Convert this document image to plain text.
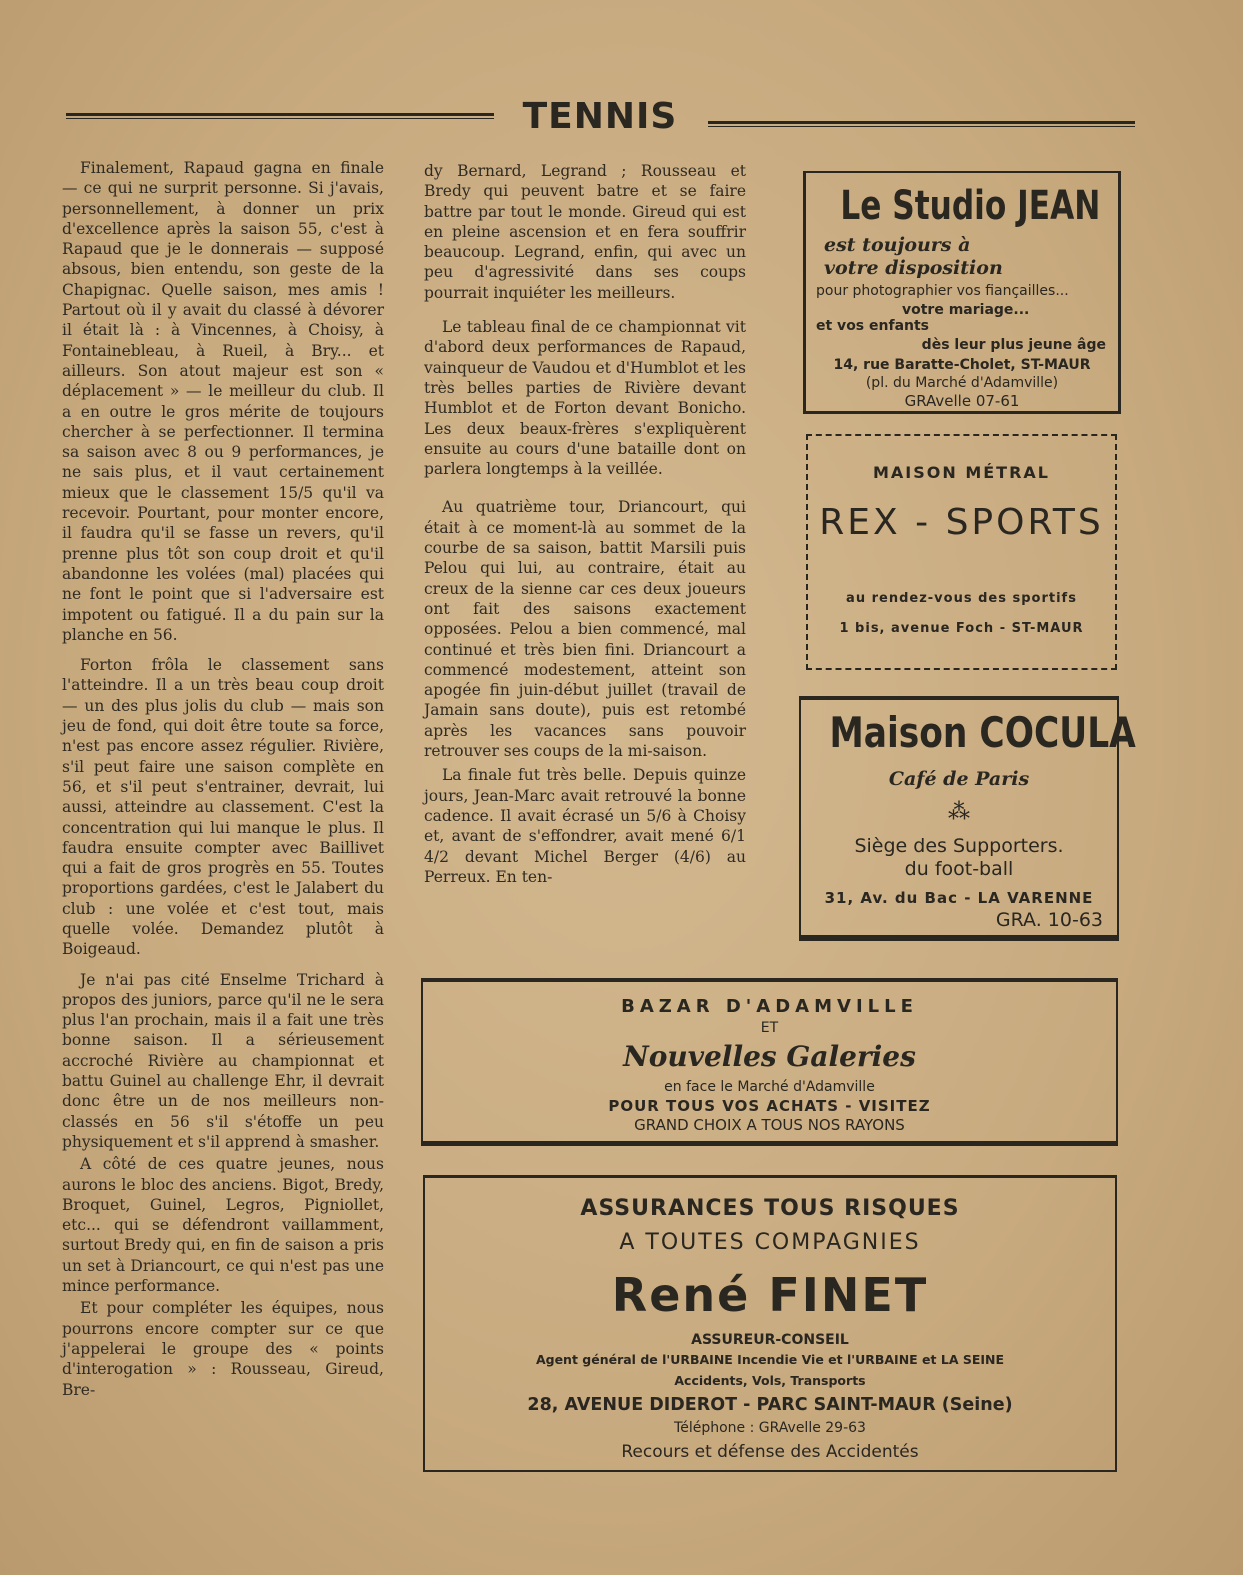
TENNIS

Finalement, Rapaud gagna en finale — ce qui ne surprit personne. Si j'avais, personnellement, à donner un prix d'excellence après la saison 55, c'est à Rapaud que je le donnerais — supposé absous, bien entendu, son geste de la Chapignac. Quelle saison, mes amis ! Partout où il y avait du classé à dévorer il était là : à Vincennes, à Choisy, à Fontainebleau, à Rueil, à Bry... et ailleurs. Son atout majeur est son « déplacement » — le meilleur du club. Il a en outre le gros mérite de toujours chercher à se perfectionner. Il termina sa saison avec 8 ou 9 performances, je ne sais plus, et il vaut certainement mieux que le classement 15/5 qu'il va recevoir. Pourtant, pour monter encore, il faudra qu'il se fasse un revers, qu'il prenne plus tôt son coup droit et qu'il abandonne les volées (mal) placées qui ne font le point que si l'adversaire est impotent ou fatigué. Il a du pain sur la planche en 56.

Forton frôla le classement sans l'atteindre. Il a un très beau coup droit — un des plus jolis du club — mais son jeu de fond, qui doit être toute sa force, n'est pas encore assez régulier. Rivière, s'il peut faire une saison complète en 56, et s'il peut s'entrainer, devrait, lui aussi, atteindre au classement. C'est la concentration qui lui manque le plus. Il faudra ensuite compter avec Baillivet qui a fait de gros progrès en 55. Toutes proportions gardées, c'est le Jalabert du club : une volée et c'est tout, mais quelle volée. Demandez plutôt à Boigeaud.

Je n'ai pas cité Enselme Trichard à propos des juniors, parce qu'il ne le sera plus l'an prochain, mais il a fait une très bonne saison. Il a sérieusement accroché Rivière au championnat et battu Guinel au challenge Ehr, il devrait donc être un de nos meilleurs non-classés en 56 s'il s'étoffe un peu physiquement et s'il apprend à smasher.

A côté de ces quatre jeunes, nous aurons le bloc des anciens. Bigot, Bredy, Broquet, Guinel, Legros, Pigniollet, etc... qui se défendront vaillamment, surtout Bredy qui, en fin de saison a pris un set à Driancourt, ce qui n'est pas une mince performance.

Et pour compléter les équipes, nous pourrons encore compter sur ce que j'appelerai le groupe des « points d'interogation » : Rousseau, Gireud, Bre-

dy Bernard, Legrand ; Rousseau et Bredy qui peuvent batre et se faire battre par tout le monde. Gireud qui est en pleine ascension et en fera souffrir beaucoup. Legrand, enfin, qui avec un peu d'agressivité dans ses coups pourrait inquiéter les meilleurs.

Le tableau final de ce championnat vit d'abord deux performances de Rapaud, vainqueur de Vaudou et d'Humblot et les très belles parties de Rivière devant Humblot et de Forton devant Bonicho. Les deux beaux-frères s'expliquèrent ensuite au cours d'une bataille dont on parlera longtemps à la veillée.

Au quatrième tour, Driancourt, qui était à ce moment-là au sommet de la courbe de sa saison, battit Marsili puis Pelou qui lui, au contraire, était au creux de la sienne car ces deux joueurs ont fait des saisons exactement opposées. Pelou a bien commencé, mal continué et très bien fini. Driancourt a commencé modestement, atteint son apogée fin juin-début juillet (travail de Jamain sans doute), puis est retombé après les vacances sans pouvoir retrouver ses coups de la mi-saison.

La finale fut très belle. Depuis quinze jours, Jean-Marc avait retrouvé la bonne cadence. Il avait écrasé un 5/6 à Choisy et, avant de s'effondrer, avait mené 6/1 4/2 devant Michel Berger (4/6) au Perreux. En ten-

Le Studio JEAN
est toujours à
votre disposition
pour photographier vos fiançailles...
votre mariage...
et vos enfants
dès leur plus jeune âge
14, rue Baratte-Cholet, ST-MAUR
(pl. du Marché d'Adamville)
GRAvelle 07-61
MAISON MÉTRAL
REX - SPORTS
au rendez-vous des sportifs
1 bis, avenue Foch - ST-MAUR
Maison COCULA
Café de Paris
⁂
Siège des Supporters.
du foot-ball
31, Av. du Bac - LA VARENNE
GRA. 10-63
BAZAR D'ADAMVILLE
ET
Nouvelles Galeries
en face le Marché d'Adamville
POUR TOUS VOS ACHATS - VISITEZ
GRAND CHOIX A TOUS NOS RAYONS
ASSURANCES TOUS RISQUES
A TOUTES COMPAGNIES
René FINET
ASSUREUR-CONSEIL
Agent général de l'URBAINE Incendie Vie et l'URBAINE et LA SEINE
Accidents, Vols, Transports
28, AVENUE DIDEROT - PARC SAINT-MAUR (Seine)
Téléphone : GRAvelle 29-63
Recours et défense des Accidentés
